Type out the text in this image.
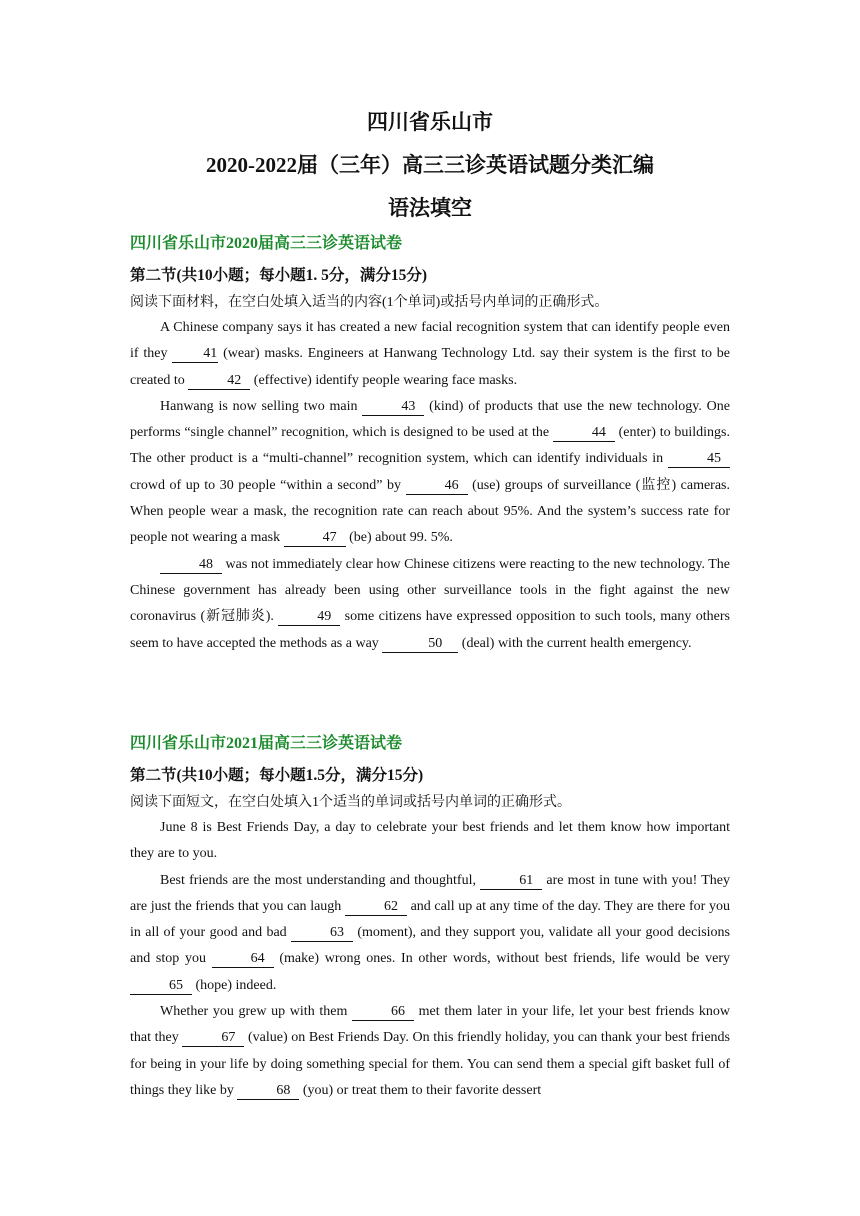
四川省乐山市
2020-2022届（三年）高三三诊英语试题分类汇编
语法填空
四川省乐山市2020届高三三诊英语试卷
第二节(共10小题；每小题1. 5分，满分15分)
阅读下面材料，在空白处填入适当的内容(1个单词)或括号内单词的正确形式。

A Chinese company says it has created a new facial recognition system that can identify people even if they 41 (wear) masks. Engineers at Hanwang Technology Ltd. say their system is the first to be created to	42 (effective) identify people wearing face masks.

Hanwang is now selling two main	43 (kind) of products that use the new technology. One performs “single channel” recognition, which is designed to be used at the	44 (enter) to buildings. The other product is a “multi-channel” recognition system, which can identify individuals in	45 crowd of up to 30 people “within a second” by	46 (use) groups of surveillance (监控) cameras. When people wear a mask, the recognition rate can reach about 95%. And the system’s success rate for people not wearing a mask	47 (be) about 99. 5%.

48 was not immediately clear how Chinese citizens were reacting to the new technology. The Chinese government has already been using other surveillance tools in the fight against the new coronavirus (新冠肺炎).	49 some citizens have expressed opposition to such tools, many others seem to have accepted the methods as a way	50 (deal) with the current health emergency.

四川省乐山市2021届高三三诊英语试卷
第二节(共10小题；每小题1.5分，满分15分)
阅读下面短文，在空白处填入1个适当的单词或括号内单词的正确形式。

June 8 is Best Friends Day, a day to celebrate your best friends and let them know how important they are to you.

Best friends are the most understanding and thoughtful,	61 are most in tune with you! They are just the friends that you can laugh	62 and call up at any time of the day. They are there for you in all of your good and bad	63 (moment), and they support you, validate all your good decisions and stop you	64 (make) wrong ones. In other words, without best friends, life would be very 65 (hope) indeed.

Whether you grew up with them	66 met them later in your life, let your best friends know that they	67 (value) on Best Friends Day. On this friendly holiday, you can thank your best friends for being in your life by doing something special for them. You can send them a special gift basket full of things they like by	68 (you) or treat them to their favorite dessert
